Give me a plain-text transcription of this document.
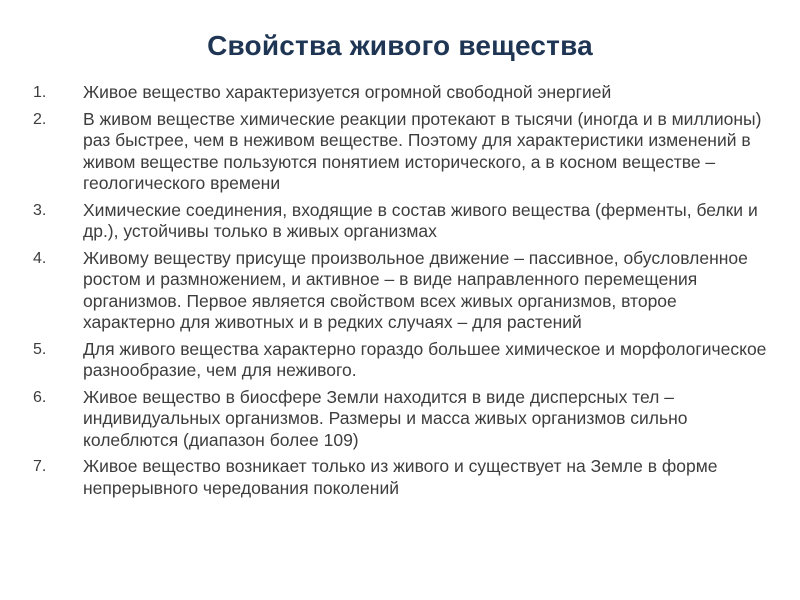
Свойства живого вещества
1.	Живое вещество характеризуется огромной свободной энергией
2.	В живом веществе химические реакции протекают в тысячи (иногда и в миллионы) раз быстрее, чем в неживом веществе. Поэтому для характеристики изменений в живом веществе пользуются понятием исторического, а в косном веществе – геологического времени
3.	Химические соединения, входящие в состав живого вещества (ферменты, белки и др.), устойчивы только в живых организмах
4.	Живому веществу присуще произвольное движение – пассивное, обусловленное ростом и размножением, и активное – в виде направленного перемещения организмов. Первое является свойством всех живых организмов, второе характерно для животных и в редких случаях – для растений
5.	Для живого вещества характерно гораздо большее химическое и морфологическое разнообразие, чем для неживого.
6.	Живое вещество в биосфере Земли находится в виде дисперсных тел – индивидуальных организмов. Размеры и масса живых организмов сильно колеблются (диапазон более 109)
7.	Живое вещество возникает только из живого и существует на Земле в форме непрерывного чередования поколений
